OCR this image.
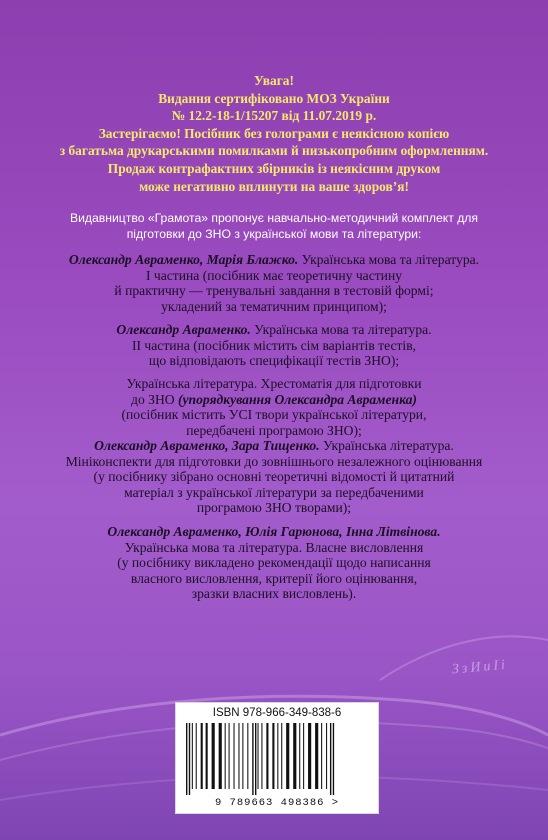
Увага!
Видання сертифіковано МОЗ України
№ 12.2-18-1/15207 від 11.07.2019 р.
Застерігаємо! Посібник без голограми є неякісною копією
з багатьма друкарськими помилками й низькопробним оформленням.
Продаж контрафактних збірників із неякісним друком
може негативно вплинути на ваше здоров’я!
Видавництво «Грамота» пропонує навчально-методичний комплект для
підготовки до ЗНО з української мови та літератури:
Олександр Авраменко, Марія Блажко. Українська мова та література.
І частина (посібник має теоретичну частину
й практичну — тренувальні завдання в тестовій формі;
укладений за тематичним принципом);
Олександр Авраменко. Українська мова та література.
ІІ частина (посібник містить сім варіантів тестів,
що відповідають специфікації тестів ЗНО);
Українська література. Хрестоматія для підготовки
до ЗНО (упорядкування Олександра Авраменка)
(посібник містить УСІ твори української літератури,
передбачені програмою ЗНО);
Олександр Авраменко, Зара Тищенко. Українська література.
Мініконспекти для підготовки до зовнішнього незалежного оцінювання
(у посібнику зібрано основні теоретичні відомості й цитатний
матеріал з української літератури за передбаченими
програмою ЗНО творами);
Олександр Авраменко, Юлія Гарюнова, Інна Літвінова.
Українська мова та література. Власне висловлення
(у посібнику викладено рекомендації щодо написання
власного висловлення, критерії його оцінювання,
зразки власних висловлень).
ЗзИиІі
ISBN 978-966-349-838-6
9 789663 498386 >
